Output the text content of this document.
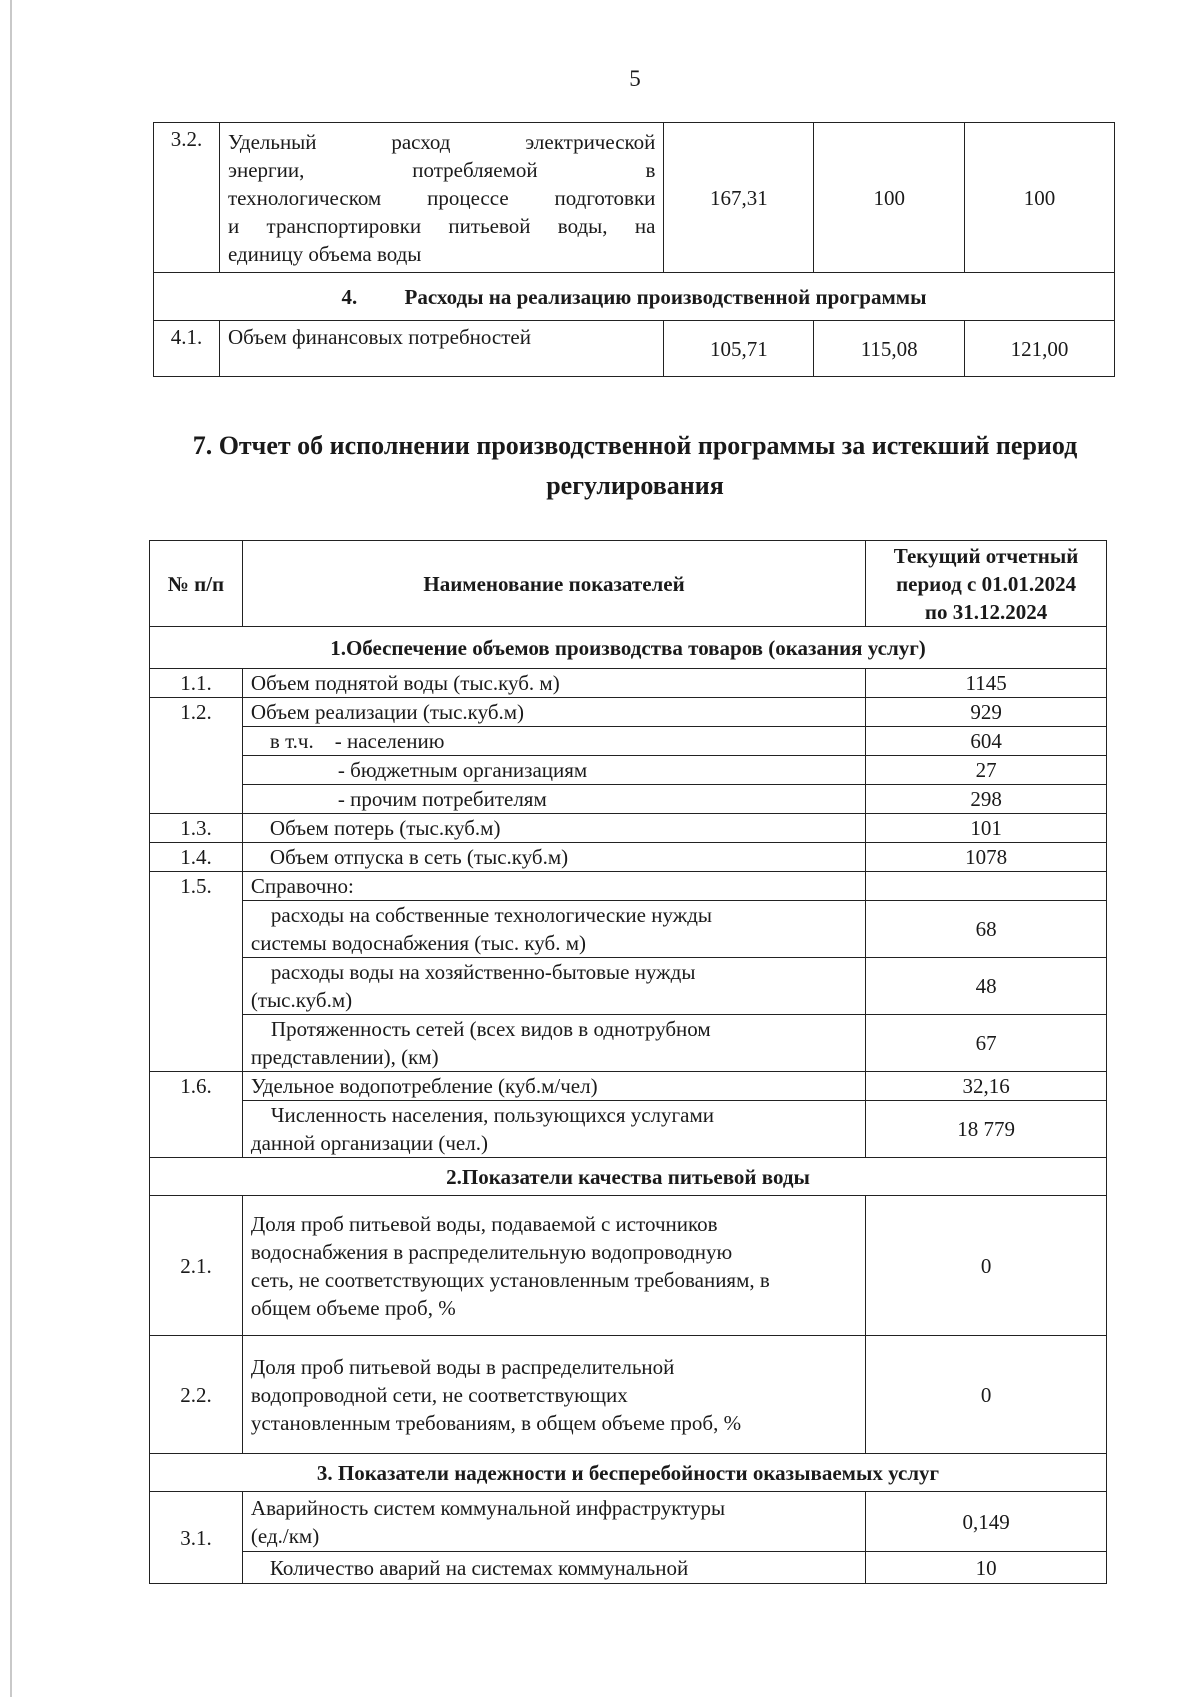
5
3.2.	Удельный расход электрической
энергии, потребляемой в
технологическом процессе подготовки
и транспортировки питьевой воды, на
единицу объема воды	167,31	100	100
4. Расходы на реализацию производственной программы				
4.1.	Объем финансовых потребностей	105,71	115,08	121,00
7. Отчет об исполнении производственной программы за истекший период
регулирования
№ п/п	Наименование показателей	Текущий отчетный
период с 01.01.2024
по 31.12.2024

1.Обеспечение объемов производства товаров (оказания услуг)		
1.1.	Объем поднятой воды (тыс.куб. м)	1145
1.2.	Объем реализации (тыс.куб.м)	929
	в т.ч.    - населению	604
	- бюджетным организациям	27
	- прочим потребителям	298
1.3.	Объем потерь (тыс.куб.м)	101
1.4.	Объем отпуска в сеть (тыс.куб.м)	1078
1.5.	Справочно:	

	расходы на собственные технологические нужды
системы водоснабжения (тыс. куб. м)	68

	расходы воды на хозяйственно-бытовые нужды
(тыс.куб.м)	48

	Протяженность сетей (всех видов в однотрубном
представлении), (км)	67
1.6.	Удельное водопотребление (куб.м/чел)	32,16

	Численность населения, пользующихся услугами
данной организации (чел.)	18 779
2.Показатели качества питьевой воды		
2.1.	Доля проб питьевой воды, подаваемой с источников
водоснабжения в распределительную водопроводную
сеть, не соответствующих установленным требованиям, в
общем объеме проб, %	0
2.2.	Доля проб питьевой воды в распределительной
водопроводной сети, не соответствующих
установленным требованиям, в общем объеме проб, %	0
3. Показатели надежности и бесперебойности оказываемых услуг		
3.1.	Аварийность систем коммунальной инфраструктуры
(ед./км)	0,149
	Количество аварий на системах коммунальной	10
